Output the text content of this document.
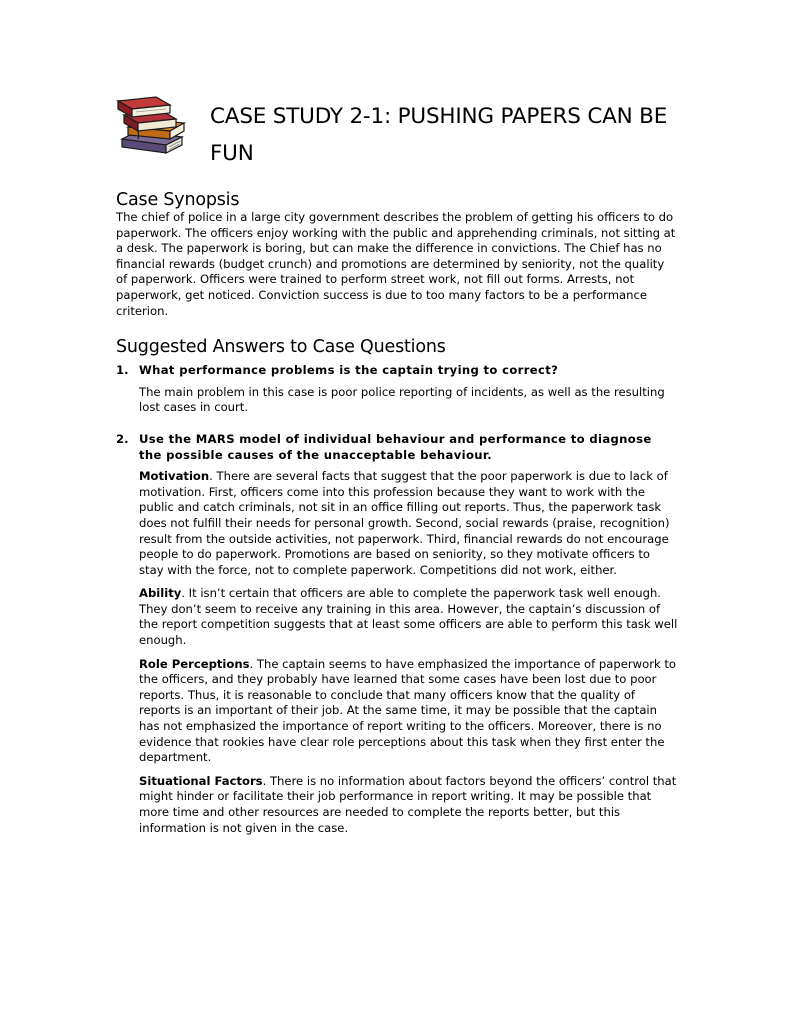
CASE STUDY 2-1: PUSHING PAPERS CAN BE FUN
Case Synopsis

The chief of police in a large city government describes the problem of getting his officers to do paperwork. The officers enjoy working with the public and apprehending criminals, not sitting at a desk. The paperwork is boring, but can make the difference in convictions. The Chief has no financial rewards (budget crunch) and promotions are determined by seniority, not the quality of paperwork. Officers were trained to perform street work, not fill out forms. Arrests, not paperwork, get noticed. Conviction success is due to too many factors to be a performance criterion.

Suggested Answers to Case Questions
1. What performance problems is the captain trying to correct?

The main problem in this case is poor police reporting of incidents, as well as the resulting lost cases in court.

2. Use the MARS model of individual behaviour and performance to diagnose the possible causes of the unacceptable behaviour.

Motivation. There are several facts that suggest that the poor paperwork is due to lack of motivation. First, officers come into this profession because they want to work with the public and catch criminals, not sit in an office filling out reports. Thus, the paperwork task does not fulfill their needs for personal growth. Second, social rewards (praise, recognition) result from the outside activities, not paperwork. Third, financial rewards do not encourage people to do paperwork. Promotions are based on seniority, so they motivate officers to stay with the force, not to complete paperwork. Competitions did not work, either.

Ability. It isn’t certain that officers are able to complete the paperwork task well enough. They don’t seem to receive any training in this area. However, the captain’s discussion of the report competition suggests that at least some officers are able to perform this task well enough.

Role Perceptions. The captain seems to have emphasized the importance of paperwork to the officers, and they probably have learned that some cases have been lost due to poor reports. Thus, it is reasonable to conclude that many officers know that the quality of reports is an important of their job. At the same time, it may be possible that the captain has not emphasized the importance of report writing to the officers. Moreover, there is no evidence that rookies have clear role perceptions about this task when they first enter the department.

Situational Factors. There is no information about factors beyond the officers’ control that might hinder or facilitate their job performance in report writing. It may be possible that more time and other resources are needed to complete the reports better, but this information is not given in the case.
